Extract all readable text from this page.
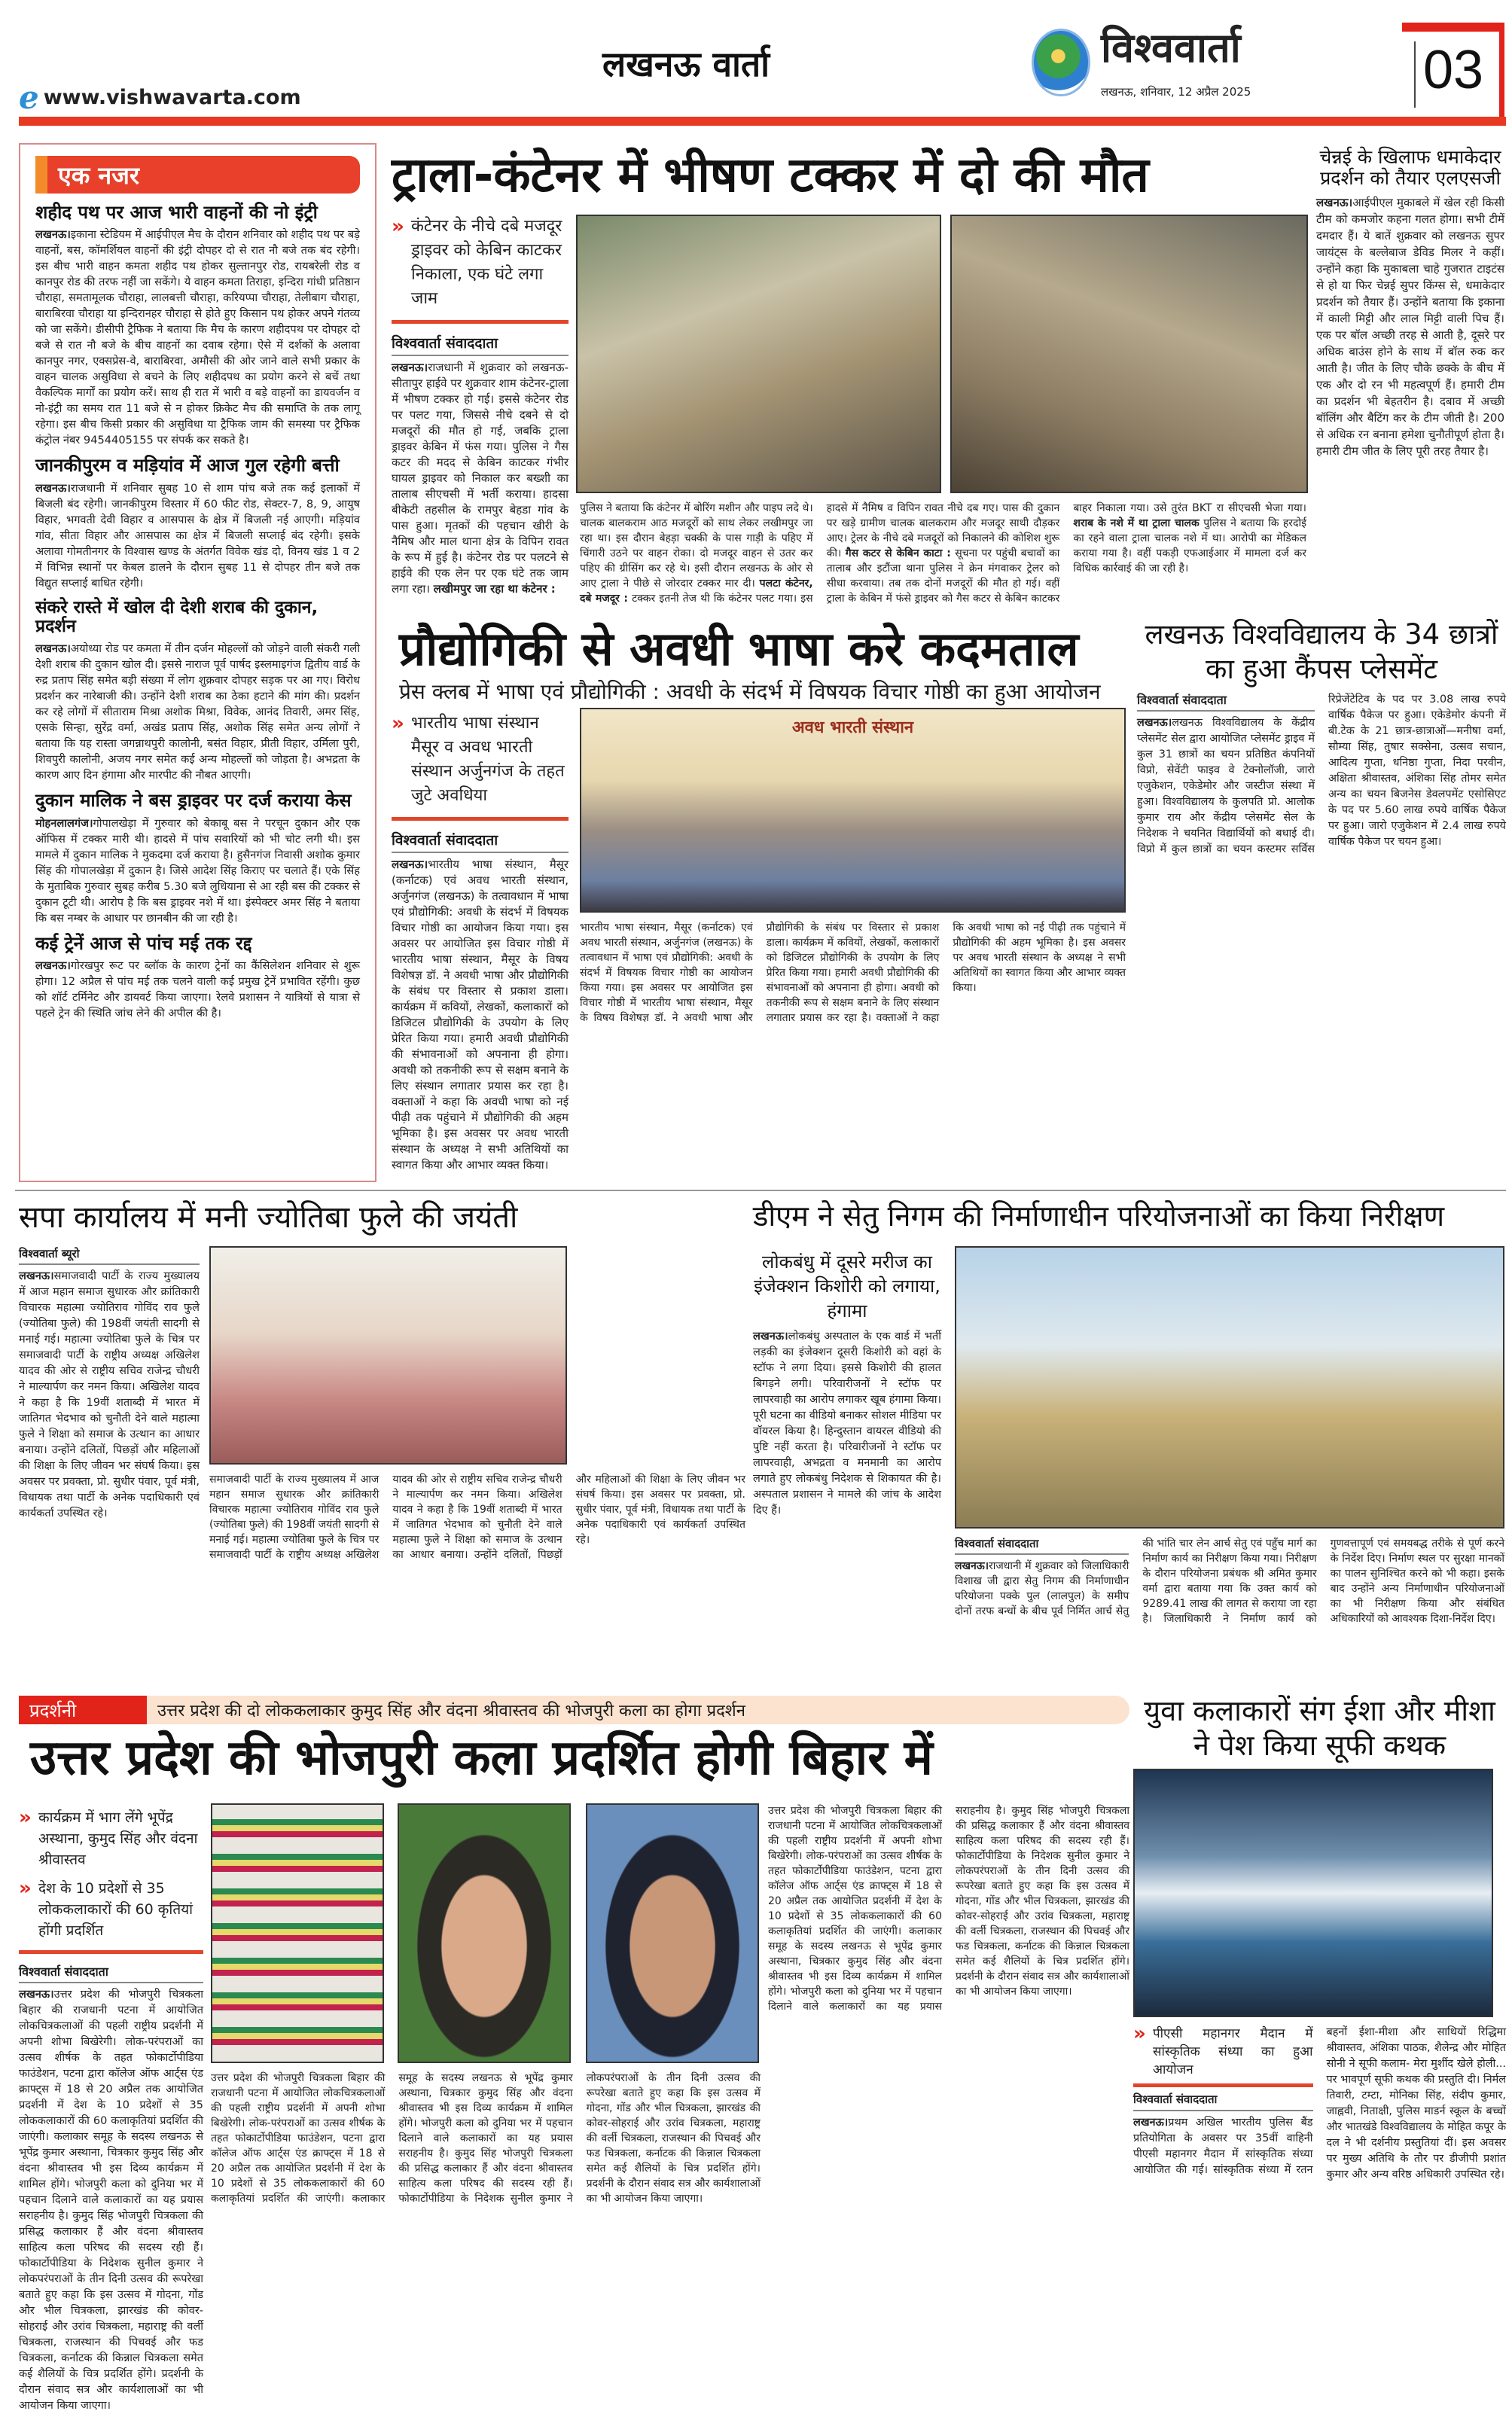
e www.vishwavarta.com
लखनऊ वार्ता	विश्ववार्ता
लखनऊ, शनिवार, 12 अप्रैल 2025	03
एक नजर
शहीद पथ पर आज भारी वाहनों की नो इंट्री

लखनऊ।इकाना स्टेडियम में आईपीएल मैच के दौरान शनिवार को शहीद पथ पर बड़े वाहनों, बस, कॉमर्शियल वाहनों की इंट्री दोपहर दो से रात नौ बजे तक बंद रहेगी। इस बीच भारी वाहन कमता शहीद पथ होकर सुल्तानपुर रोड, रायबरेली रोड व कानपुर रोड की तरफ नहीं जा सकेंगे। ये वाहन कमता तिराहा, इन्दिरा गांधी प्रतिष्ठान चौराहा, समतामूलक चौराहा, लालबत्ती चौराहा, करियप्पा चौराहा, तेलीबाग चौराहा, बाराबिरवा चौराहा या इन्दिरानहर चौराहा से होते हुए किसान पथ होकर अपने गंतव्य को जा सकेंगे। डीसीपी ट्रैफिक ने बताया कि मैच के कारण शहीदपथ पर दोपहर दो बजे से रात नौ बजे के बीच वाहनों का दवाब रहेगा। ऐसे में दर्शकों के अलावा कानपुर नगर, एक्सप्रेस-वे, बाराबिरवा, अमौसी की ओर जाने वाले सभी प्रकार के वाहन चालक असुविधा से बचने के लिए शहीदपथ का प्रयोग करने से बचें तथा वैकल्पिक मार्गों का प्रयोग करें। साथ ही रात में भारी व बड़े वाहनों का डायवर्जन व नो-इंट्री का समय रात 11 बजे से न होकर क्रिकेट मैच की समाप्ति के तक लागू रहेगा। इस बीच किसी प्रकार की असुविधा या ट्रैफिक जाम की समस्या पर ट्रैफिक कंट्रोल नंबर 9454405155 पर संपर्क कर सकते है।

जानकीपुरम व मड़ियांव में आज गुल रहेगी बत्ती

लखनऊ।राजधानी में शनिवार सुबह 10 से शाम पांच बजे तक कई इलाकों में बिजली बंद रहेगी। जानकीपुरम विस्तार में 60 फीट रोड, सेक्टर-7, 8, 9, आयुष विहार, भगवती देवी विहार व आसपास के क्षेत्र में बिजली नई आएगी। मड़ियांव गांव, सीता विहार और आसपास का क्षेत्र में बिजली सप्लाई बंद रहेगी। इसके अलावा गोमतीनगर के विश्वास खण्ड के अंतर्गत विवेक खंड दो, विनय खंड 1 व 2 में विभिन्न स्थानों पर केबल डालने के दौरान सुबह 11 से दोपहर तीन बजे तक विद्युत सप्लाई बाधित रहेगी।

संकरे रास्ते में खोल दी देशी शराब की दुकान, प्रदर्शन

लखनऊ।अयोध्या रोड पर कमता में तीन दर्जन मोहल्लों को जोड़ने वाली संकरी गली देशी शराब की दुकान खोल दी। इससे नाराज पूर्व पार्षद इस्लमाइगंज द्वितीय वार्ड के रुद्र प्रताप सिंह समेत बड़ी संख्या में लोग शुक्रवार दोपहर सड़क पर आ गए। विरोध प्रदर्शन कर नारेबाजी की। उन्होंने देशी शराब का ठेका हटाने की मांग की। प्रदर्शन कर रहे लोगों में सीताराम मिश्रा अशोक मिश्रा, विवेक, आनंद तिवारी, अमर सिंह, एसके सिन्हा, सुरेंद्र वर्मा, अखंड प्रताप सिंह, अशोक सिंह समेत अन्य लोगों ने बताया कि यह रास्ता जगन्नाथपुरी कालोनी, बसंत विहार, प्रीती विहार, उर्मिला पुरी, शिवपुरी कालोनी, अजय नगर समेत कई अन्य मोहल्लों को जोड़ता है। अभद्रता के कारण आए दिन हंगामा और मारपीट की नौबत आएगी।

दुकान मालिक ने बस ड्राइवर पर दर्ज कराया केस

मोहनलालगंज।गोपालखेड़ा में गुरुवार को बेकाबू बस ने परचून दुकान और एक ऑफिस में टक्कर मारी थी। हादसे में पांच सवारियों को भी चोट लगी थी। इस मामले में दुकान मालिक ने मुकदमा दर्ज कराया है। हुसैनगंज निवासी अशोक कुमार सिंह की गोपालखेड़ा में दुकान है। जिसे आदेश सिंह किराए पर चलाते हैं। एके सिंह के मुताबिक गुरुवार सुबह करीब 5.30 बजे लुधियाना से आ रही बस की टक्कर से दुकान टूटी थी। आरोप है कि बस ड्राइवर नशे में था। इंस्पेक्टर अमर सिंह ने बताया कि बस नम्बर के आधार पर छानबीन की जा रही है।

कई ट्रेनें आज से पांच मई तक रद्द

लखनऊ।गोरखपुर रूट पर ब्लॉक के कारण ट्रेनों का कैंसिलेशन शनिवार से शुरू होगा। 12 अप्रैल से पांच मई तक चलने वाली कई प्रमुख ट्रेनें प्रभावित रहेंगी। कुछ को शॉर्ट टर्मिनेट और डायवर्ट किया जाएगा। रेलवे प्रशासन ने यात्रियों से यात्रा से पहले ट्रेन की स्थिति जांच लेने की अपील की है।

ट्राला-कंटेनर में भीषण टक्कर में दो की मौत
» कंटेनर के नीचे दबे मजदूर ड्राइवर को केबिन काटकर निकाला, एक घंटे लगा जाम
विश्ववार्ता संवाददाता

लखनऊ।राजधानी में शुक्रवार को लखनऊ-सीतापुर हाईवे पर शुक्रवार शाम कंटेनर-ट्राला में भीषण टक्कर हो गई। इससे कंटेनर रोड पर पलट गया, जिससे नीचे दबने से दो मजदूरों की मौत हो गई, जबकि ट्राला ड्राइवर केबिन में फंस गया। पुलिस ने गैस कटर की मदद से केबिन काटकर गंभीर घायल ड्राइवर को निकाल कर बख्शी का तालाब सीएचसी में भर्ती कराया। हादसा बीकेटी तहसील के रामपुर बेहडा गांव के पास हुआ। मृतकों की पहचान खीरी के नैमिष और माल थाना क्षेत्र के विपिन रावत के रूप में हुई है। कंटेनर रोड पर पलटने से हाईवे की एक लेन पर एक घंटे तक जाम लगा रहा। लखीमपुर जा रहा था कंटेनर :

पुलिस ने बताया कि कंटेनर में बोरिंग मशीन और पाइप लदे थे। चालक बालकराम आठ मजदूरों को साथ लेकर लखीमपुर जा रहा था। इस दौरान बेहड़ा चक्की के पास गाड़ी के पहिए में चिंगारी उठने पर वाहन रोका। दो मजदूर वाहन से उतर कर पहिए की ग्रीसिंग कर रहे थे। इसी दौरान लखनऊ के ओर से आए ट्राला ने पीछे से जोरदार टक्कर मार दी। पलटा कंटेनर, दबे मजदूर : टक्कर इतनी तेज थी कि कंटेनर पलट गया। इस हादसे में नैमिष व विपिन रावत नीचे दब गए। पास की दुकान पर खड़े ग्रामीण चालक बालकराम और मजदूर साथी दौड़कर आए। ट्रेलर के नीचे दबे मजदूरों को निकालने की कोशिश शुरू की। गैस कटर से केबिन काटा : सूचना पर पहुंची बचावों का तालाब और इटौंजा थाना पुलिस ने क्रेन मंगवाकर ट्रेलर को सीधा करवाया। तब तक दोनों मजदूरों की मौत हो गई। वहीं ट्राला के केबिन में फंसे ड्राइवर को गैस कटर से केबिन काटकर बाहर निकाला गया। उसे तुरंत BKT रा सीएचसी भेजा गया। शराब के नशे में था ट्राला चालक पुलिस ने बताया कि हरदोई का रहने वाला ट्राला चालक नशे में था। आरोपी का मेडिकल कराया गया है। वहीं पकड़ी एफआईआर में मामला दर्ज कर विधिक कार्रवाई की जा रही है।
चेन्नई के खिलाफ धमाकेदार प्रदर्शन को तैयार एलएसजी

लखनऊ।आईपीएल मुकाबले में खेल रही किसी टीम को कमजोर कहना गलत होगा। सभी टीमें दमदार हैं। ये बातें शुक्रवार को लखनऊ सुपर जायंट्स के बल्लेबाज डेविड मिलर ने कहीं। उन्होंने कहा कि मुकाबला चाहे गुजरात टाइटंस से हो या फिर चेन्नई सुपर किंग्स से, धमाकेदार प्रदर्शन को तैयार हैं। उन्होंने बताया कि इकाना में काली मिट्टी और लाल मिट्टी वाली पिच हैं। एक पर बॉल अच्छी तरह से आती है, दूसरे पर अधिक बाउंस होने के साथ में बॉल रुक कर आती है। जीत के लिए चौके छक्के के बीच में एक और दो रन भी महत्वपूर्ण हैं। हमारी टीम का प्रदर्शन भी बेहतरीन है। दबाव में अच्छी बॉलिंग और बैटिंग कर के टीम जीती है। 200 से अधिक रन बनाना हमेशा चुनौतीपूर्ण होता है। हमारी टीम जीत के लिए पूरी तरह तैयार है।

प्रौद्योगिकी से अवधी भाषा करे कदमताल
प्रेस क्लब में भाषा एवं प्रौद्योगिकी : अवधी के संदर्भ में विषयक विचार गोष्ठी का हुआ आयोजन
» भारतीय भाषा संस्थान मैसूर व अवध भारती संस्थान अर्जुनगंज के तहत जुटे अवधिया
विश्ववार्ता संवाददाता

लखनऊ।भारतीय भाषा संस्थान, मैसूर (कर्नाटक) एवं अवध भारती संस्थान, अर्जुनगंज (लखनऊ) के तत्वावधान में भाषा एवं प्रौद्योगिकी: अवधी के संदर्भ में विषयक विचार गोष्ठी का आयोजन किया गया। इस अवसर पर आयोजित इस विचार गोष्ठी में भारतीय भाषा संस्थान, मैसूर के विषय विशेषज्ञ डॉ. ने अवधी भाषा और प्रौद्योगिकी के संबंध पर विस्तार से प्रकाश डाला। कार्यक्रम में कवियों, लेखकों, कलाकारों को डिजिटल प्रौद्योगिकी के उपयोग के लिए प्रेरित किया गया। हमारी अवधी प्रौद्योगिकी की संभावनाओं को अपनाना ही होगा। अवधी को तकनीकी रूप से सक्षम बनाने के लिए संस्थान लगातार प्रयास कर रहा है। वक्ताओं ने कहा कि अवधी भाषा को नई पीढ़ी तक पहुंचाने में प्रौद्योगिकी की अहम भूमिका है। इस अवसर पर अवध भारती संस्थान के अध्यक्ष ने सभी अतिथियों का स्वागत किया और आभार व्यक्त किया।

अवध भारती संस्थान
भारतीय भाषा संस्थान, मैसूर (कर्नाटक) एवं अवध भारती संस्थान, अर्जुनगंज (लखनऊ) के तत्वावधान में भाषा एवं प्रौद्योगिकी: अवधी के संदर्भ में विषयक विचार गोष्ठी का आयोजन किया गया। इस अवसर पर आयोजित इस विचार गोष्ठी में भारतीय भाषा संस्थान, मैसूर के विषय विशेषज्ञ डॉ. ने अवधी भाषा और प्रौद्योगिकी के संबंध पर विस्तार से प्रकाश डाला। कार्यक्रम में कवियों, लेखकों, कलाकारों को डिजिटल प्रौद्योगिकी के उपयोग के लिए प्रेरित किया गया। हमारी अवधी प्रौद्योगिकी की संभावनाओं को अपनाना ही होगा। अवधी को तकनीकी रूप से सक्षम बनाने के लिए संस्थान लगातार प्रयास कर रहा है। वक्ताओं ने कहा कि अवधी भाषा को नई पीढ़ी तक पहुंचाने में प्रौद्योगिकी की अहम भूमिका है। इस अवसर पर अवध भारती संस्थान के अध्यक्ष ने सभी अतिथियों का स्वागत किया और आभार व्यक्त किया।
लखनऊ विश्वविद्यालय के 34 छात्रों का हुआ कैंपस प्लेसमेंट
विश्ववार्ता संवाददाता
लखनऊ।लखनऊ विश्वविद्यालय के केंद्रीय प्लेसमेंट सेल द्वारा आयोजित प्लेसमेंट ड्राइव में कुल 31 छात्रों का चयन प्रतिष्ठित कंपनियों विप्रो, सेवेंटी फाइव वे टेक्नोलॉजी, जारो एजुकेशन, एकेडेमोर और जस्टीज संस्था में हुआ। विश्वविद्यालय के कुलपति प्रो. आलोक कुमार राय और केंद्रीय प्लेसमेंट सेल के निदेशक ने चयनित विद्यार्थियों को बधाई दी। विप्रो में कुल छात्रों का चयन कस्टमर सर्विस रिप्रेजेंटेटिव के पद पर 3.08 लाख रुपये वार्षिक पैकेज पर हुआ। एकेडेमोर कंपनी में बी.टेक के 21 छात्र-छात्राओं—मनीषा वर्मा, सौम्या सिंह, तुषार सक्सेना, उत्सव सचान, आदित्य गुप्ता, धनिष्ठा गुप्ता, निदा परवीन, अक्षिता श्रीवास्तव, अंशिका सिंह तोमर समेत अन्य का चयन बिजनेस डेवलपमेंट एसोसिएट के पद पर 5.60 लाख रुपये वार्षिक पैकेज पर हुआ। जारो एजुकेशन में 2.4 लाख रुपये वार्षिक पैकेज पर चयन हुआ।
सपा कार्यालय में मनी ज्योतिबा फुले की जयंती
विश्ववार्ता ब्यूरो

लखनऊ।समाजवादी पार्टी के राज्य मुख्यालय में आज महान समाज सुधारक और क्रांतिकारी विचारक महात्मा ज्योतिराव गोविंद राव फुले (ज्योतिबा फुले) की 198वीं जयंती सादगी से मनाई गई। महात्मा ज्योतिबा फुले के चित्र पर समाजवादी पार्टी के राष्ट्रीय अध्यक्ष अखिलेश यादव की ओर से राष्ट्रीय सचिव राजेन्द्र चौधरी ने माल्यार्पण कर नमन किया। अखिलेश यादव ने कहा है कि 19वीं शताब्दी में भारत में जातिगत भेदभाव को चुनौती देने वाले महात्मा फुले ने शिक्षा को समाज के उत्थान का आधार बनाया। उन्होंने दलितों, पिछड़ों और महिलाओं की शिक्षा के लिए जीवन भर संघर्ष किया। इस अवसर पर प्रवक्ता, प्रो. सुधीर पंवार, पूर्व मंत्री, विधायक तथा पार्टी के अनेक पदाधिकारी एवं कार्यकर्ता उपस्थित रहे।

समाजवादी पार्टी के राज्य मुख्यालय में आज महान समाज सुधारक और क्रांतिकारी विचारक महात्मा ज्योतिराव गोविंद राव फुले (ज्योतिबा फुले) की 198वीं जयंती सादगी से मनाई गई। महात्मा ज्योतिबा फुले के चित्र पर समाजवादी पार्टी के राष्ट्रीय अध्यक्ष अखिलेश यादव की ओर से राष्ट्रीय सचिव राजेन्द्र चौधरी ने माल्यार्पण कर नमन किया। अखिलेश यादव ने कहा है कि 19वीं शताब्दी में भारत में जातिगत भेदभाव को चुनौती देने वाले महात्मा फुले ने शिक्षा को समाज के उत्थान का आधार बनाया। उन्होंने दलितों, पिछड़ों और महिलाओं की शिक्षा के लिए जीवन भर संघर्ष किया। इस अवसर पर प्रवक्ता, प्रो. सुधीर पंवार, पूर्व मंत्री, विधायक तथा पार्टी के अनेक पदाधिकारी एवं कार्यकर्ता उपस्थित रहे।
लोकबंधु में दूसरे मरीज का इंजेक्शन किशोरी को लगाया, हंगामा

लखनऊ।लोकबंधु अस्पताल के एक वार्ड में भर्ती लड़की का इंजेक्शन दूसरी किशोरी को वहां के स्टॉफ ने लगा दिया। इससे किशोरी की हालत बिगड़ने लगी। परिवारीजनों ने स्टॉफ पर लापरवाही का आरोप लगाकर खूब हंगामा किया। पूरी घटना का वीडियो बनाकर सोशल मीडिया पर वॉयरल किया है। हिन्दुस्तान वायरल वीडियो की पुष्टि नहीं करता है। परिवारीजनों ने स्टॉफ पर लापरवाही, अभद्रता व मनमानी का आरोप लगाते हुए लोकबंधु निदेशक से शिकायत की है। अस्पताल प्रशासन ने मामले की जांच के आदेश दिए हैं।

डीएम ने सेतु निगम की निर्माणाधीन परियोजनाओं का किया निरीक्षण
विश्ववार्ता संवाददाता
लखनऊ।राजधानी में शुक्रवार को जिलाधिकारी विशाख जी द्वारा सेतु निगम की निर्माणाधीन परियोजना पक्के पुल (लालपुल) के समीप दोनों तरफ बन्धों के बीच पूर्व निर्मित आर्च सेतु की भांति चार लेन आर्च सेतु एवं पहुँच मार्ग का निर्माण कार्य का निरीक्षण किया गया। निरीक्षण के दौरान परियोजना प्रबंधक श्री अमित कुमार वर्मा द्वारा बताया गया कि उक्त कार्य को 9289.41 लाख की लागत से कराया जा रहा है। जिलाधिकारी ने निर्माण कार्य को गुणवत्तापूर्ण एवं समयबद्ध तरीके से पूर्ण करने के निर्देश दिए। निर्माण स्थल पर सुरक्षा मानकों का पालन सुनिश्चित करने को भी कहा। इसके बाद उन्होंने अन्य निर्माणाधीन परियोजनाओं का भी निरीक्षण किया और संबंधित अधिकारियों को आवश्यक दिशा-निर्देश दिए।
प्रदर्शनी	उत्तर प्रदेश की दो लोककलाकार कुमुद सिंह और वंदना श्रीवास्तव की भोजपुरी कला का होगा प्रदर्शन
उत्तर प्रदेश की भोजपुरी कला प्रदर्शित होगी बिहार में
» कार्यक्रम में भाग लेंगे भूपेंद्र अस्थाना, कुमुद सिंह और वंदना श्रीवास्तव
» देश के 10 प्रदेशों से 35 लोककलाकारों की 60 कृतियां होंगी प्रदर्शित
विश्ववार्ता संवाददाता

लखनऊ।उत्तर प्रदेश की भोजपुरी चित्रकला बिहार की राजधानी पटना में आयोजित लोकचित्रकलाओं की पहली राष्ट्रीय प्रदर्शनी में अपनी शोभा बिखेरेगी। लोक-परंपराओं का उत्सव शीर्षक के तहत फोकार्टोपीडिया फाउंडेशन, पटना द्वारा कॉलेज ऑफ आर्ट्स एंड क्राफ्ट्स में 18 से 20 अप्रैल तक आयोजित प्रदर्शनी में देश के 10 प्रदेशों से 35 लोककलाकारों की 60 कलाकृतियां प्रदर्शित की जाएंगी। कलाकार समूह के सदस्य लखनऊ से भूपेंद्र कुमार अस्थाना, चित्रकार कुमुद सिंह और वंदना श्रीवास्तव भी इस दिव्य कार्यक्रम में शामिल होंगे। भोजपुरी कला को दुनिया भर में पहचान दिलाने वाले कलाकारों का यह प्रयास सराहनीय है। कुमुद सिंह भोजपुरी चित्रकला की प्रसिद्ध कलाकार हैं और वंदना श्रीवास्तव साहित्य कला परिषद की सदस्य रही हैं। फोकार्टोपीडिया के निदेशक सुनील कुमार ने लोकपरंपराओं के तीन दिनी उत्सव की रूपरेखा बताते हुए कहा कि इस उत्सव में गोदना, गोंड और भील चित्रकला, झारखंड की कोवर-सोहराई और उरांव चित्रकला, महाराष्ट्र की वर्ली चित्रकला, राजस्थान की पिचवई और फड चित्रकला, कर्नाटक की किन्नाल चित्रकला समेत कई शैलियों के चित्र प्रदर्शित होंगे। प्रदर्शनी के दौरान संवाद सत्र और कार्यशालाओं का भी आयोजन किया जाएगा।

उत्तर प्रदेश की भोजपुरी चित्रकला बिहार की राजधानी पटना में आयोजित लोकचित्रकलाओं की पहली राष्ट्रीय प्रदर्शनी में अपनी शोभा बिखेरेगी। लोक-परंपराओं का उत्सव शीर्षक के तहत फोकार्टोपीडिया फाउंडेशन, पटना द्वारा कॉलेज ऑफ आर्ट्स एंड क्राफ्ट्स में 18 से 20 अप्रैल तक आयोजित प्रदर्शनी में देश के 10 प्रदेशों से 35 लोककलाकारों की 60 कलाकृतियां प्रदर्शित की जाएंगी। कलाकार समूह के सदस्य लखनऊ से भूपेंद्र कुमार अस्थाना, चित्रकार कुमुद सिंह और वंदना श्रीवास्तव भी इस दिव्य कार्यक्रम में शामिल होंगे। भोजपुरी कला को दुनिया भर में पहचान दिलाने वाले कलाकारों का यह प्रयास सराहनीय है। कुमुद सिंह भोजपुरी चित्रकला की प्रसिद्ध कलाकार हैं और वंदना श्रीवास्तव साहित्य कला परिषद की सदस्य रही हैं। फोकार्टोपीडिया के निदेशक सुनील कुमार ने लोकपरंपराओं के तीन दिनी उत्सव की रूपरेखा बताते हुए कहा कि इस उत्सव में गोदना, गोंड और भील चित्रकला, झारखंड की कोवर-सोहराई और उरांव चित्रकला, महाराष्ट्र की वर्ली चित्रकला, राजस्थान की पिचवई और फड चित्रकला, कर्नाटक की किन्नाल चित्रकला समेत कई शैलियों के चित्र प्रदर्शित होंगे। प्रदर्शनी के दौरान संवाद सत्र और कार्यशालाओं का भी आयोजन किया जाएगा।
उत्तर प्रदेश की भोजपुरी चित्रकला बिहार की राजधानी पटना में आयोजित लोकचित्रकलाओं की पहली राष्ट्रीय प्रदर्शनी में अपनी शोभा बिखेरेगी। लोक-परंपराओं का उत्सव शीर्षक के तहत फोकार्टोपीडिया फाउंडेशन, पटना द्वारा कॉलेज ऑफ आर्ट्स एंड क्राफ्ट्स में 18 से 20 अप्रैल तक आयोजित प्रदर्शनी में देश के 10 प्रदेशों से 35 लोककलाकारों की 60 कलाकृतियां प्रदर्शित की जाएंगी। कलाकार समूह के सदस्य लखनऊ से भूपेंद्र कुमार अस्थाना, चित्रकार कुमुद सिंह और वंदना श्रीवास्तव भी इस दिव्य कार्यक्रम में शामिल होंगे। भोजपुरी कला को दुनिया भर में पहचान दिलाने वाले कलाकारों का यह प्रयास सराहनीय है। कुमुद सिंह भोजपुरी चित्रकला की प्रसिद्ध कलाकार हैं और वंदना श्रीवास्तव साहित्य कला परिषद की सदस्य रही हैं। फोकार्टोपीडिया के निदेशक सुनील कुमार ने लोकपरंपराओं के तीन दिनी उत्सव की रूपरेखा बताते हुए कहा कि इस उत्सव में गोदना, गोंड और भील चित्रकला, झारखंड की कोवर-सोहराई और उरांव चित्रकला, महाराष्ट्र की वर्ली चित्रकला, राजस्थान की पिचवई और फड चित्रकला, कर्नाटक की किन्नाल चित्रकला समेत कई शैलियों के चित्र प्रदर्शित होंगे। प्रदर्शनी के दौरान संवाद सत्र और कार्यशालाओं का भी आयोजन किया जाएगा।
युवा कलाकारों संग ईशा और मीशा ने पेश किया सूफी कथक
» पीएसी महानगर मैदान में सांस्कृतिक संध्या का हुआ आयोजन
विश्ववार्ता संवाददाता
लखनऊ।प्रथम अखिल भारतीय पुलिस बैंड प्रतियोगिता के अवसर पर 35वीं वाहिनी पीएसी महानगर मैदान में सांस्कृतिक संध्या आयोजित की गई। सांस्कृतिक संध्या में रतन बहनों ईशा-मीशा और साथियों रिद्धिमा श्रीवास्तव, अंशिका पाठक, शैलेन्द्र और मोहित सोनी ने सूफी कलाम- मेरा मुर्शीद खेले होली... पर भावपूर्ण सूफी कथक की प्रस्तुति दी। निर्मल तिवारी, टम्टा, मोनिका सिंह, संदीप कुमार, जाह्नवी, निताक्षी, पुलिस माडर्न स्कूल के बच्चों और भातखंडे विश्वविद्यालय के मोहित कपूर के दल ने भी दर्शनीय प्रस्तुतियां दीं। इस अवसर पर मुख्य अतिथि के तौर पर डीजीपी प्रशांत कुमार और अन्य वरिष्ठ अधिकारी उपस्थित रहे।
